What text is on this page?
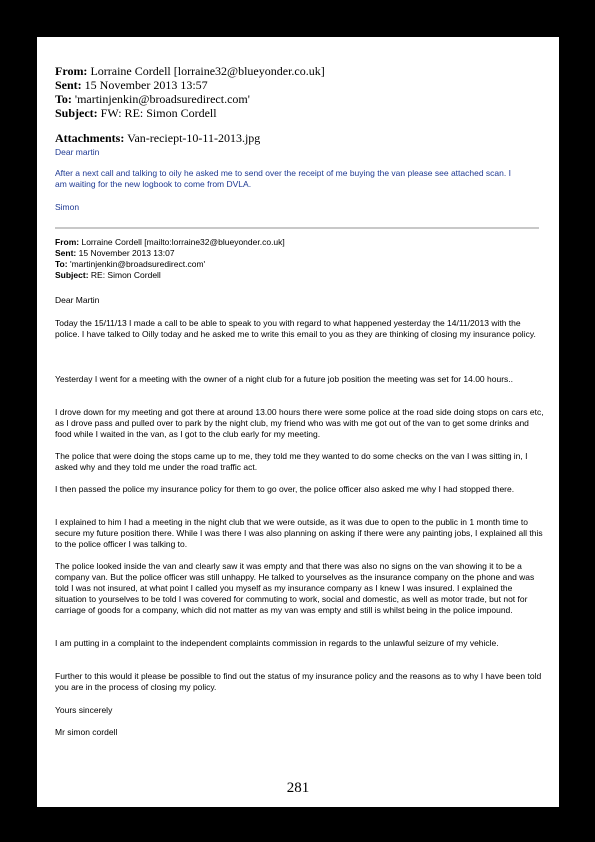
From: Lorraine Cordell [lorraine32@blueyonder.co.uk]
Sent: 15 November 2013 13:57
To: 'martinjenkin@broadsuredirect.com'
Subject: FW: RE: Simon Cordell
Attachments: Van-reciept-10-11-2013.jpg
Dear martin
After a next call and talking to oily he asked me to send over the receipt of me buying the van please see attached scan. I am waiting for the new logbook to come from DVLA.
Simon
From: Lorraine Cordell [mailto:lorraine32@blueyonder.co.uk]
Sent: 15 November 2013 13:07
To: 'martinjenkin@broadsuredirect.com'
Subject: RE: Simon Cordell
Dear Martin
Today the 15/11/13 I made a call to be able to speak to you with regard to what happened yesterday the 14/11/2013 with the police. I have talked to Oilly today and he asked me to write this email to you as they are thinking of closing my insurance policy.
Yesterday I went for a meeting with the owner of a night club for a future job position the meeting was set for 14.00 hours..
I drove down for my meeting and got there at around 13.00 hours there were some police at the road side doing stops on cars etc, as I drove pass and pulled over to park by the night club, my friend who was with me got out of the van to get some drinks and food while I waited in the van, as I got to the club early for my meeting.
The police that were doing the stops came up to me, they told me they wanted to do some checks on the van I was sitting in, I asked why and they told me under the road traffic act.
I then passed the police my insurance policy for them to go over, the police officer also asked me why I had stopped there.
I explained to him I had a meeting in the night club that we were outside, as it was due to open to the public in 1 month time to secure my future position there. While I was there I was also planning on asking if there were any painting jobs, I explained all this to the police officer I was talking to.
The police looked inside the van and clearly saw it was empty and that there was also no signs on the van showing it to be a company van. But the police officer was still unhappy. He talked to yourselves as the insurance company on the phone and was told I was not insured, at what point I called you myself as my insurance company as I knew I was insured. I explained the situation to yourselves to be told I was covered for commuting to work, social and domestic, as well as motor trade, but not for carriage of goods for a company, which did not matter as my van was empty and still is whilst being in the police impound.
I am putting in a complaint to the independent complaints commission in regards to the unlawful seizure of my vehicle.
Further to this would it please be possible to find out the status of my insurance policy and the reasons as to why I have been told you are in the process of closing my policy.
Yours sincerely
Mr simon cordell
281
